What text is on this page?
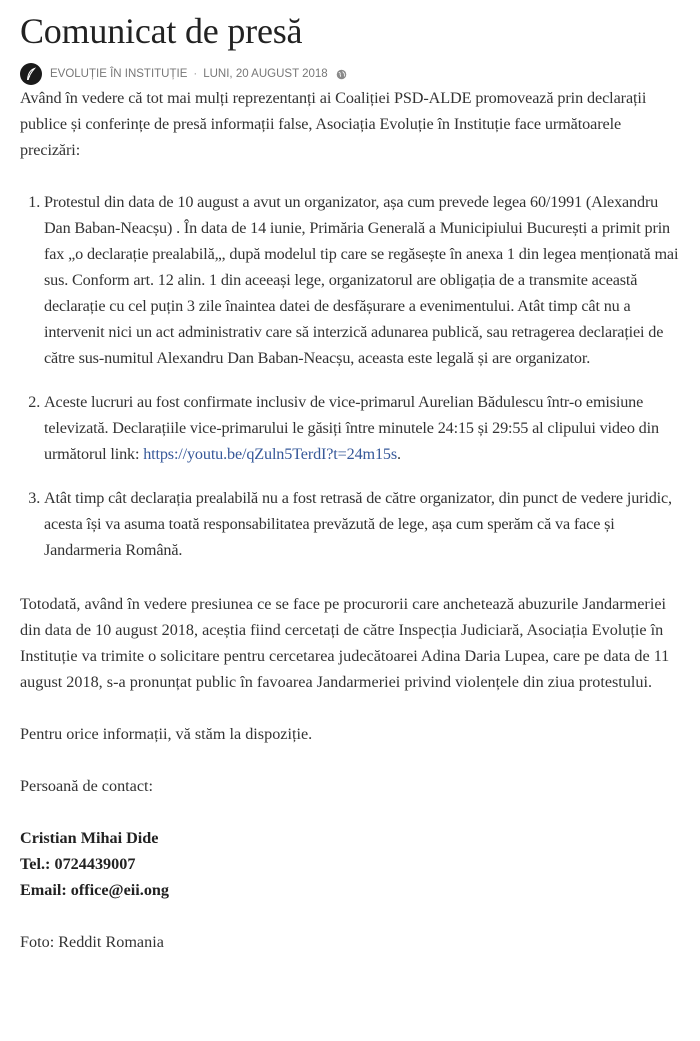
Comunicat de presă
EVOLUȚIE ÎN INSTITUȚIE · LUNI, 20 AUGUST 2018

Având în vedere că tot mai mulți reprezentanți ai Coaliției PSD-ALDE promovează prin declarații publice și conferințe de presă informații false, Asociația Evoluție în Instituție face următoarele precizări:

1. Protestul din data de 10 august a avut un organizator, așa cum prevede legea 60/1991 (Alexandru Dan Baban-Neacșu) . În data de 14 iunie, Primăria Generală a Municipiului București a primit prin fax „o declarație prealabilă„, după modelul tip care se regăsește în anexa 1 din legea menționată mai sus. Conform art. 12 alin. 1 din aceeași lege, organizatorul are obligația de a transmite această declarație cu cel puțin 3 zile înaintea datei de desfășurare a evenimentului. Atât timp cât nu a intervenit nici un act administrativ care să interzică adunarea publică, sau retragerea declarației de către sus-numitul Alexandru Dan Baban-Neacșu, aceasta este legală și are organizator.
2. Aceste lucruri au fost confirmate inclusiv de vice-primarul Aurelian Bădulescu într-o emisiune televizată. Declarațiile vice-primarului le găsiți între minutele 24:15 și 29:55 al clipului video din următorul link: https://youtu.be/qZuln5TerdI?t=24m15s.
3. Atât timp cât declarația prealabilă nu a fost retrasă de către organizator, din punct de vedere juridic, acesta își va asuma toată responsabilitatea prevăzută de lege, așa cum sperăm că va face și Jandarmeria Română.

Totodată, având în vedere presiunea ce se face pe procurorii care anchetează abuzurile Jandarmeriei din data de 10 august 2018, aceștia fiind cercetați de către Inspecția Judiciară, Asociația Evoluție în Instituție va trimite o solicitare pentru cercetarea judecătoarei Adina Daria Lupea, care pe data de 11 august 2018, s-a pronunțat public în favoarea Jandarmeriei privind violențele din ziua protestului.

Pentru orice informații, vă stăm la dispoziție.

Persoană de contact:

Cristian Mihai Dide
Tel.: 0724439007
Email: office@eii.ong

Foto: Reddit Romania
